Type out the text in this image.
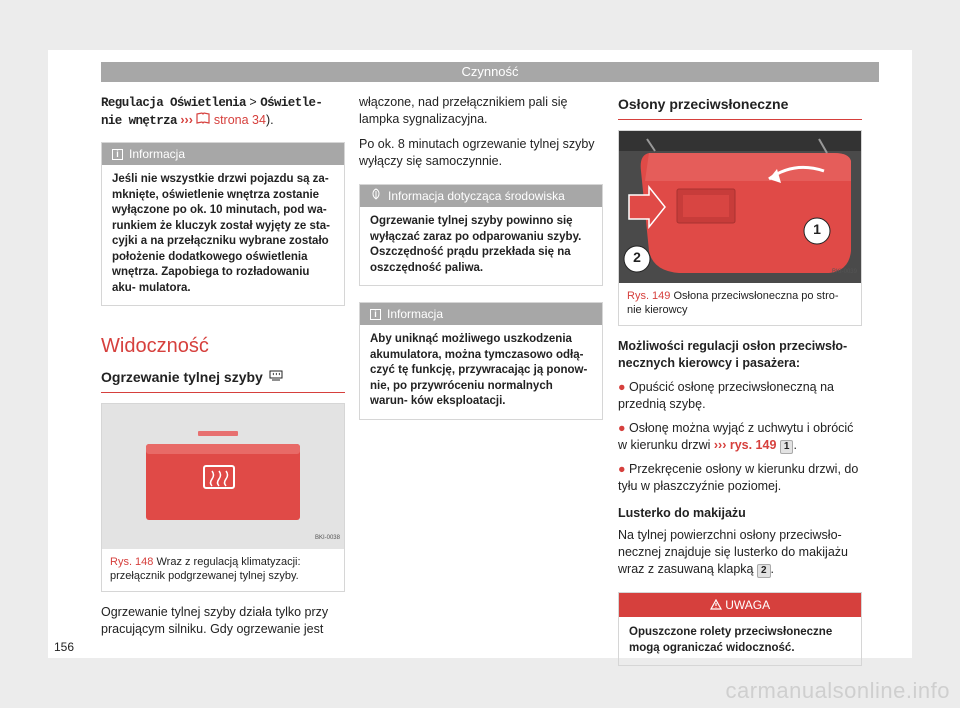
Czynność
Regulacja Oświetlenia > Oświetle- nie wnętrza ›››  strona 34).
i Informacja
Jeśli nie wszystkie drzwi pojazdu są za- mknięte, oświetlenie wnętrza zostanie wyłączone po ok. 10 minutach, pod wa- runkiem że kluczyk został wyjęty ze sta- cyjki a na przełączniku wybrane zostało położenie dodatkowego oświetlenia wnętrza. Zapobiega to rozładowaniu aku- mulatora.
Widoczność
Ogrzewanie tylnej szyby
BKI-0038
Rys. 148 Wraz z regulacją klimatyzacji: przełącznik podgrzewanej tylnej szyby.

Ogrzewanie tylnej szyby działa tylko przy pracującym silniku. Gdy ogrzewanie jest

włączone, nad przełącznikiem pali się lampka sygnalizacyjna.

Po ok. 8 minutach ogrzewanie tylnej szyby wyłączy się samoczynnie.

Informacja dotycząca środowiska
Ogrzewanie tylnej szyby powinno się wyłączać zaraz po odparowaniu szyby. Oszczędność prądu przekłada się na oszczędność paliwa.
i Informacja
Aby uniknąć możliwego uszkodzenia akumulatora, można tymczasowo odłą- czyć tę funkcję, przywracając ją ponow- nie, po przywróceniu normalnych warun- ków eksploatacji.
Osłony przeciwsłoneczne
1
2
BKI-0039
Rys. 149 Osłona przeciwsłoneczna po stro- nie kierowcy

Możliwości regulacji osłon przeciwsło- necznych kierowcy i pasażera:

● Opuścić osłonę przeciwsłoneczną na przednią szybę.
● Osłonę można wyjąć z uchwytu i obrócić w kierunku drzwi ››› rys. 149 1 .
● Przekręcenie osłony w kierunku drzwi, do tyłu w płaszczyźnie poziomej.

Lusterko do makijażu

Na tylnej powierzchni osłony przeciwsło- necznej znajduje się lusterko do makijażu wraz z zasuwaną klapką 2 .

UWAGA
Opuszczone rolety przeciwsłoneczne mogą ograniczać widoczność.
156
carmanualsonline.info
